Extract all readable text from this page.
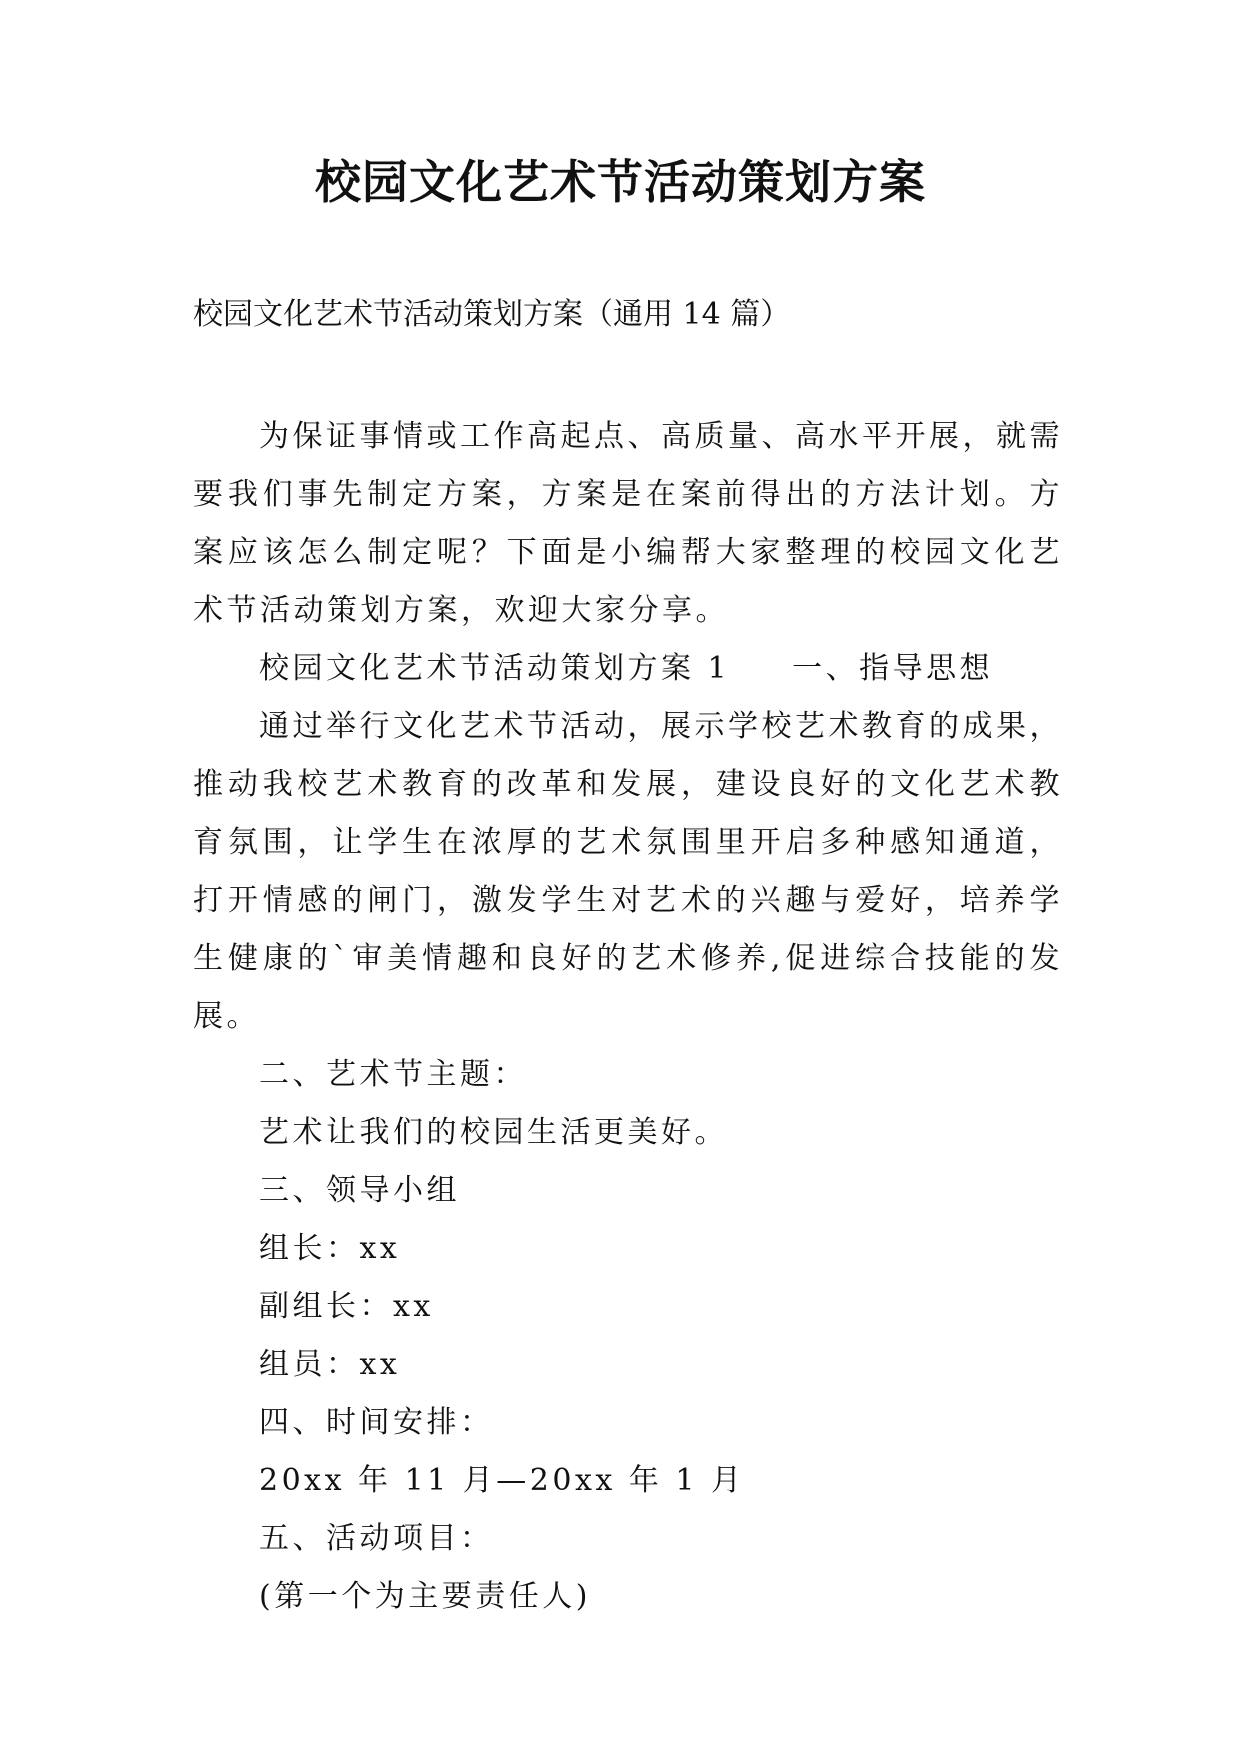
校园文化艺术节活动策划方案

校园文化艺术节活动策划方案（通用 14 篇）

为保证事情或工作高起点、高质量、高水平开展，就需要我们事先制定方案，方案是在案前得出的方法计划。方案应该怎么制定呢？下面是小编帮大家整理的校园文化艺术节活动策划方案，欢迎大家分享。

校园文化艺术节活动策划方案 1 一、指导思想

通过举行文化艺术节活动，展示学校艺术教育的成果，推动我校艺术教育的改革和发展，建设良好的文化艺术教育氛围，让学生在浓厚的艺术氛围里开启多种感知通道，打开情感的闸门，激发学生对艺术的兴趣与爱好，培养学生健康的`审美情趣和良好的艺术修养,促进综合技能的发展。

二、艺术节主题：

艺术让我们的校园生活更美好。

三、领导小组

组长：xx

副组长：xx

组员：xx

四、时间安排：

20xx 年 11 月—20xx 年 1 月

五、活动项目：

(第一个为主要责任人)
